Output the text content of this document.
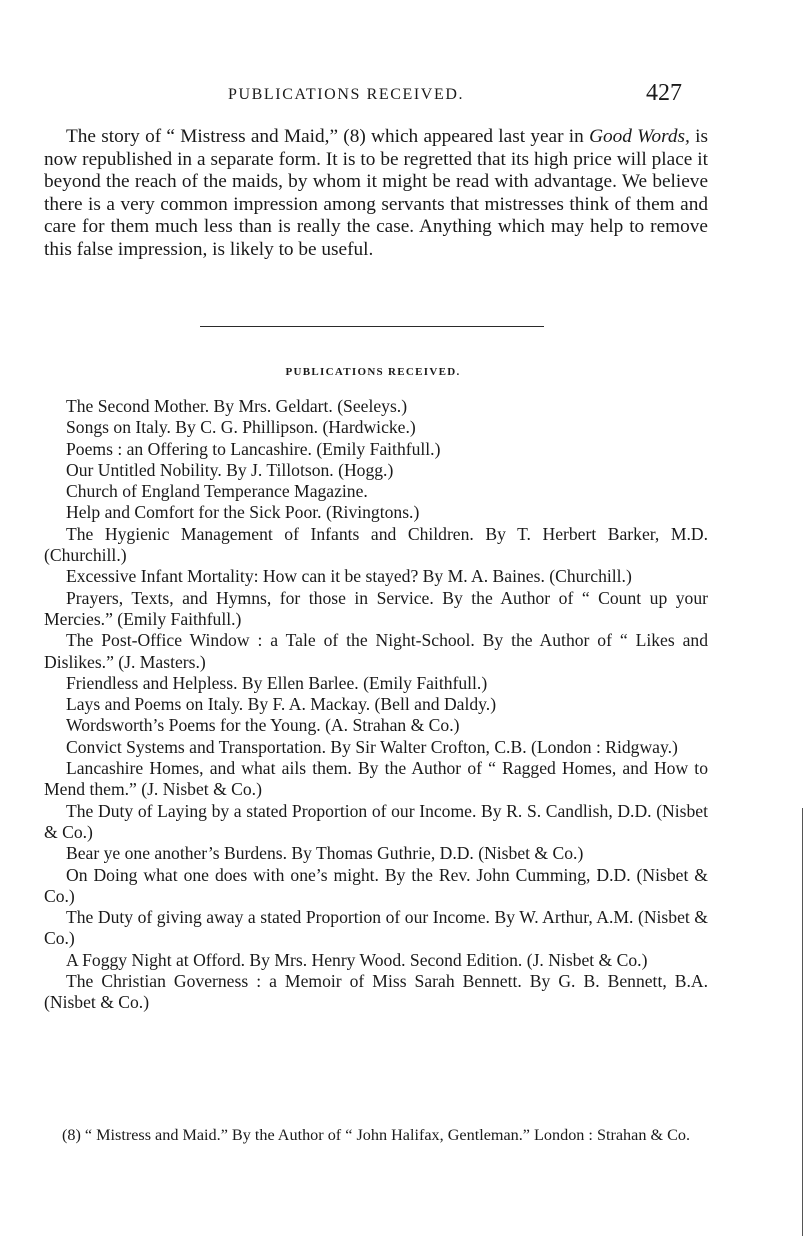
PUBLICATIONS RECEIVED.	427

The story of “ Mistress and Maid,” (8) which appeared last year in Good Words, is now republished in a separate form. It is to be regretted that its high price will place it beyond the reach of the maids, by whom it might be read with advantage. We believe there is a very common impression among servants that mistresses think of them and care for them much less than is really the case. Anything which may help to remove this false impression, is likely to be useful.

PUBLICATIONS RECEIVED.
The Second Mother. By Mrs. Geldart. (Seeleys.)
Songs on Italy. By C. G. Phillipson. (Hardwicke.)
Poems : an Offering to Lancashire. (Emily Faithfull.)
Our Untitled Nobility. By J. Tillotson. (Hogg.)
Church of England Temperance Magazine.
Help and Comfort for the Sick Poor. (Rivingtons.)
The Hygienic Management of Infants and Children. By T. Herbert Barker, M.D. (Churchill.)
Excessive Infant Mortality: How can it be stayed? By M. A. Baines. (Churchill.)
Prayers, Texts, and Hymns, for those in Service. By the Author of “ Count up your Mercies.” (Emily Faithfull.)
The Post-Office Window : a Tale of the Night-School. By the Author of “ Likes and Dislikes.” (J. Masters.)
Friendless and Helpless. By Ellen Barlee. (Emily Faithfull.)
Lays and Poems on Italy. By F. A. Mackay. (Bell and Daldy.)
Wordsworth’s Poems for the Young. (A. Strahan & Co.)
Convict Systems and Transportation. By Sir Walter Crofton, C.B. (London : Ridgway.)
Lancashire Homes, and what ails them. By the Author of “ Ragged Homes, and How to Mend them.” (J. Nisbet & Co.)
The Duty of Laying by a stated Proportion of our Income. By R. S. Candlish, D.D. (Nisbet & Co.)
Bear ye one another’s Burdens. By Thomas Guthrie, D.D. (Nisbet & Co.)
On Doing what one does with one’s might. By the Rev. John Cumming, D.D. (Nisbet & Co.)
The Duty of giving away a stated Proportion of our Income. By W. Arthur, A.M. (Nisbet & Co.)
A Foggy Night at Offord. By Mrs. Henry Wood. Second Edition. (J. Nisbet & Co.)
The Christian Governess : a Memoir of Miss Sarah Bennett. By G. B. Bennett, B.A. (Nisbet & Co.)

(8) “ Mistress and Maid.” By the Author of “ John Halifax, Gentleman.” London : Strahan & Co.
